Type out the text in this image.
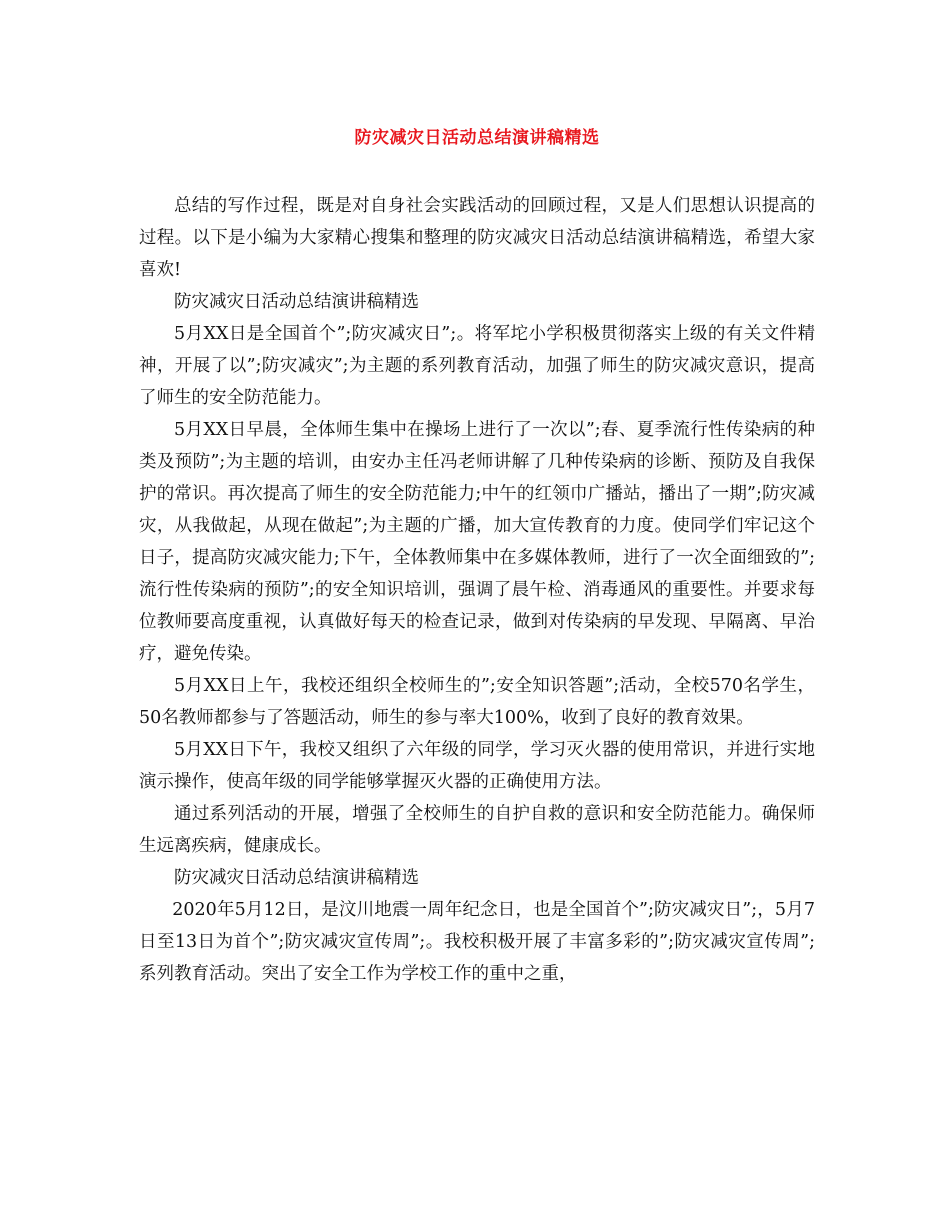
防灾减灾日活动总结演讲稿精选

总结的写作过程，既是对自身社会实践活动的回顾过程，又是人们思想认识提高的过程。以下是小编为大家精心搜集和整理的防灾减灾日活动总结演讲稿精选，希望大家喜欢!

防灾减灾日活动总结演讲稿精选

5月XX日是全国首个”;防灾减灾日”;。将军坨小学积极贯彻落实上级的有关文件精神，开展了以”;防灾减灾”;为主题的系列教育活动，加强了师生的防灾减灾意识，提高了师生的安全防范能力。

5月XX日早晨，全体师生集中在操场上进行了一次以”;春、夏季流行性传染病的种类及预防”;为主题的培训，由安办主任冯老师讲解了几种传染病的诊断、预防及自我保护的常识。再次提高了师生的安全防范能力;中午的红领巾广播站，播出了一期”;防灾减灾，从我做起，从现在做起”;为主题的广播，加大宣传教育的力度。使同学们牢记这个日子，提高防灾减灾能力;下午，全体教师集中在多媒体教师，进行了一次全面细致的”;流行性传染病的预防”;的安全知识培训，强调了晨午检、消毒通风的重要性。并要求每位教师要高度重视，认真做好每天的检查记录，做到对传染病的早发现、早隔离、早治疗，避免传染。

5月XX日上午，我校还组织全校师生的”;安全知识答题”;活动，全校570名学生，50名教师都参与了答题活动，师生的参与率大100%，收到了良好的教育效果。

5月XX日下午，我校又组织了六年级的同学，学习灭火器的使用常识，并进行实地演示操作，使高年级的同学能够掌握灭火器的正确使用方法。

通过系列活动的开展，增强了全校师生的自护自救的意识和安全防范能力。确保师生远离疾病，健康成长。

防灾减灾日活动总结演讲稿精选

2020年5月12日，是汶川地震一周年纪念日，也是全国首个”;防灾减灾日”;，5月7日至13日为首个”;防灾减灾宣传周”;。我校积极开展了丰富多彩的”;防灾减灾宣传周”;系列教育活动。突出了安全工作为学校工作的重中之重，
